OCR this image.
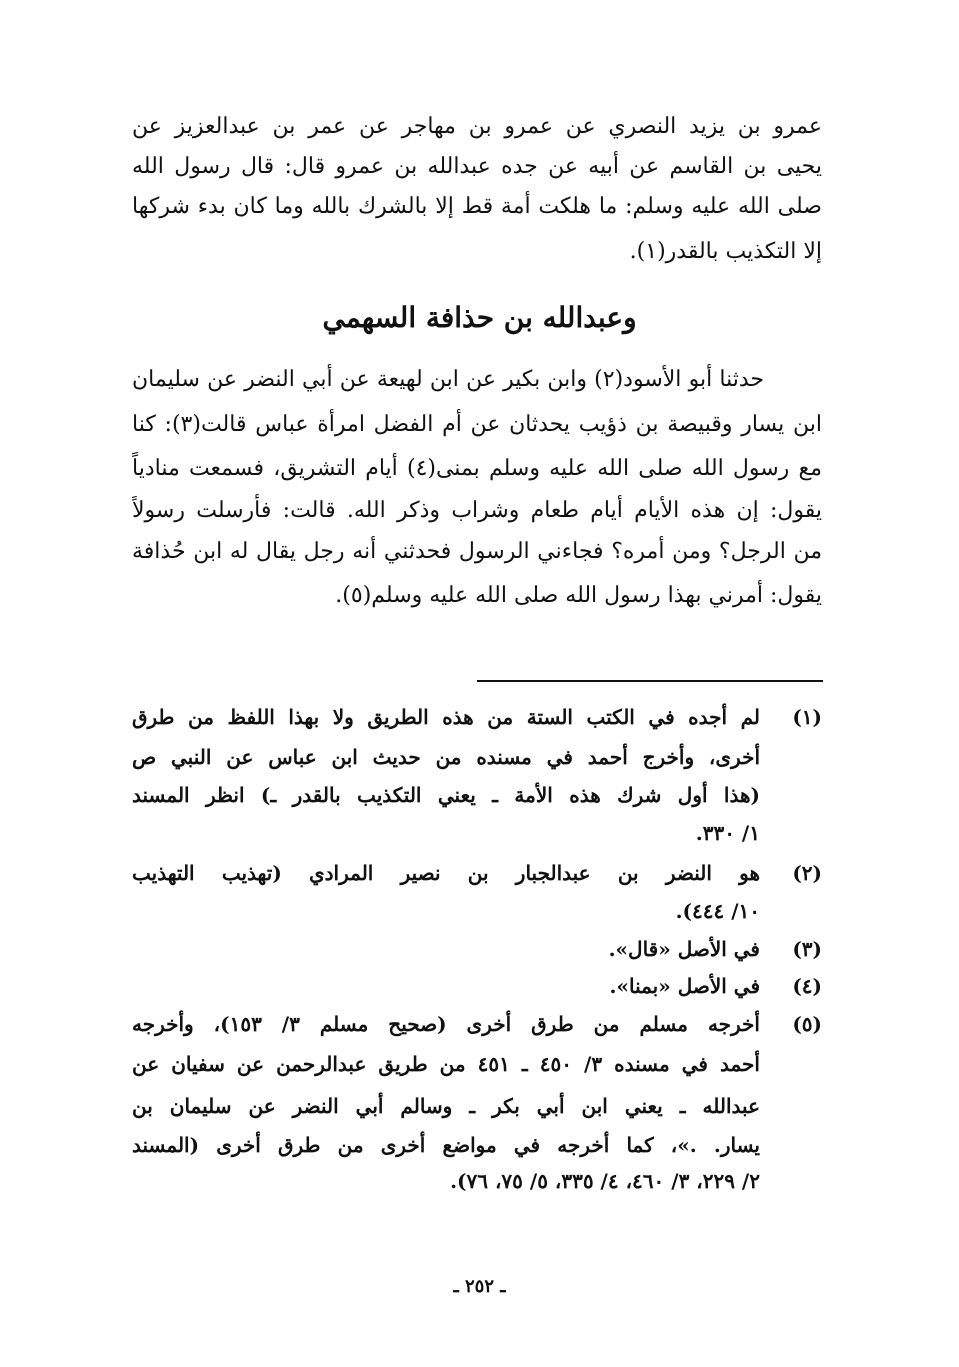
عمرو بن يزيد النصري عن عمرو بن مهاجر عن عمر بن عبدالعزيز عن
يحيى بن القاسم عن أبيه عن جده عبدالله بن عمرو قال: قال رسول الله
صلى الله عليه وسلم: ما هلكت أمة قط إلا بالشرك بالله وما كان بدء شركها
إلا التكذيب بالقدر(١).
وعبدالله بن حذافة السهمي
حدثنا أبو الأسود(٢) وابن بكير عن ابن لهيعة عن أبي النضر عن سليمان
ابن يسار وقبيصة بن ذؤيب يحدثان عن أم الفضل امرأة عباس قالت(٣): كنا
مع رسول الله صلى الله عليه وسلم بمنى(٤) أيام التشريق، فسمعت منادياً
يقول: إن هذه الأيام أيام طعام وشراب وذكر الله. قالت: فأرسلت رسولاً
من الرجل؟ ومن أمره؟ فجاءني الرسول فحدثني أنه رجل يقال له ابن حُذافة
يقول: أمرني بهذا رسول الله صلى الله عليه وسلم(٥).
(١)لم أجده في الكتب الستة من هذه الطريق ولا بهذا اللفظ من طرق
أخرى، وأخرج أحمد في مسنده من حديث ابن عباس عن النبي ص
(هذا أول شرك هذه الأمة ـ يعني التكذيب بالقدر ـ) انظر المسند
١/ ٣٣٠.
(٢)هو النضر بن عبدالجبار بن نصير المرادي (تهذيب التهذيب
١٠/ ٤٤٤).
(٣)في الأصل «قال».
(٤)في الأصل «بمنا».
(٥)أخرجه مسلم من طرق أخرى (صحيح مسلم ٣/ ١٥٣)، وأخرجه
أحمد في مسنده ٣/ ٤٥٠ ـ ٤٥١ من طريق عبدالرحمن عن سفيان عن
عبدالله ـ يعني ابن أبي بكر ـ وسالم أبي النضر عن سليمان بن
يسار. .»، كما أخرجه في مواضع أخرى من طرق أخرى (المسند
٢/ ٢٢٩، ٣/ ٤٦٠، ٤/ ٣٣٥، ٥/ ٧٥، ٧٦).
ـ ٢٥٢ ـ
